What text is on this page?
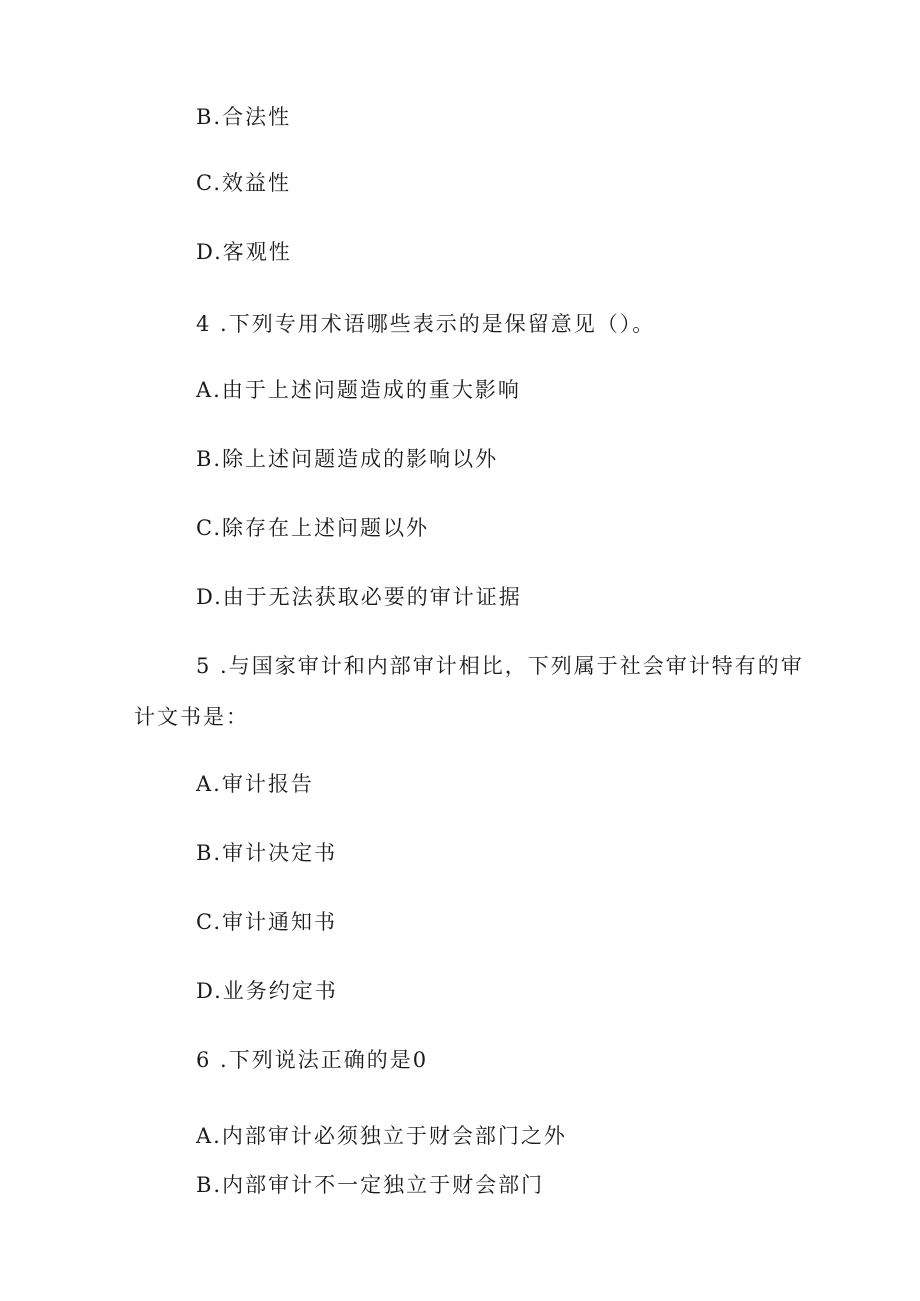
B.合法性
C.效益性
D.客观性
4 .下列专用术语哪些表示的是保留意见（）。
A.由于上述问题造成的重大影响
B.除上述问题造成的影响以外
C.除存在上述问题以外
D.由于无法获取必要的审计证据
5 .与国家审计和内部审计相比，下列属于社会审计特有的审
计文书是：
A.审计报告
B.审计决定书
C.审计通知书
D.业务约定书
6 .下列说法正确的是0
A.内部审计必须独立于财会部门之外
B.内部审计不一定独立于财会部门
